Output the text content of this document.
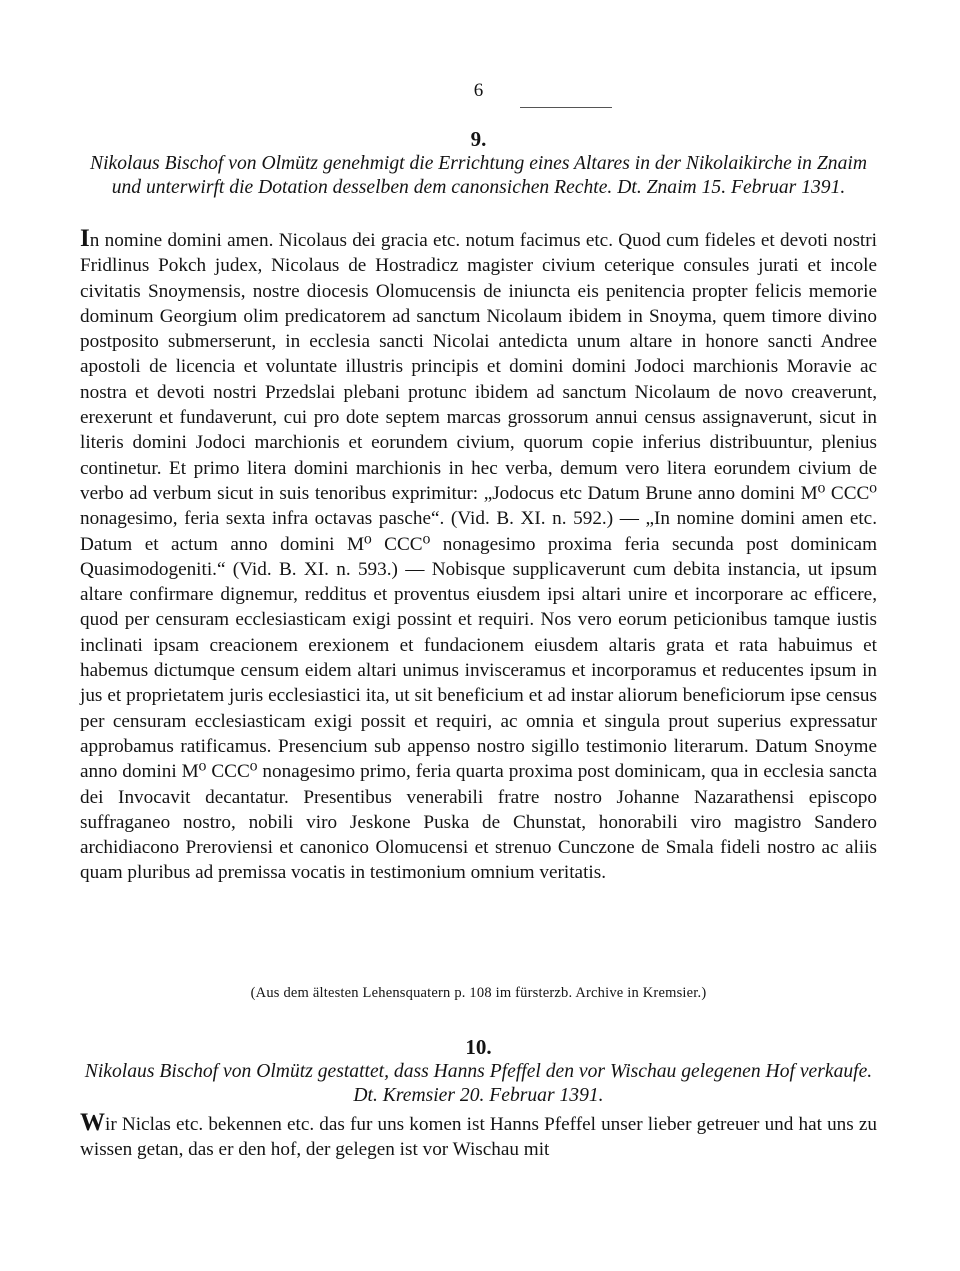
6
9.

Nikolaus Bischof von Olmütz genehmigt die Errichtung eines Altares in der Nikolaikirche in Znaim und unterwirft die Dotation desselben dem canonsichen Rechte. Dt. Znaim 15. Februar 1391.

In nomine domini amen. Nicolaus dei gracia etc. notum facimus etc. Quod cum fideles et devoti nostri Fridlinus Pokch judex, Nicolaus de Hostradicz magister civium ceterique consules jurati et incole civitatis Snoymensis, nostre diocesis Olomucensis de iniuncta eis penitencia propter felicis memorie dominum Georgium olim predicatorem ad sanctum Nicolaum ibidem in Snoyma, quem timore divino postposito submerserunt, in ecclesia sancti Nicolai antedicta unum altare in honore sancti Andree apostoli de licencia et voluntate illustris principis et domini domini Jodoci marchionis Moravie ac nostra et devoti nostri Przedslai plebani protunc ibidem ad sanctum Nicolaum de novo creaverunt, erexerunt et fundaverunt, cui pro dote septem marcas grossorum annui census assignaverunt, sicut in literis domini Jodoci marchionis et eorundem civium, quorum copie inferius distribuuntur, plenius continetur. Et primo litera domini marchionis in hec verba, demum vero litera eorundem civium de verbo ad verbum sicut in suis tenoribus exprimitur: „Jodocus etc Datum Brune anno domini M⁰ CCC⁰ nonagesimo, feria sexta infra octavas pasche“. (Vid. B. XI. n. 592.) — „In nomine domini amen etc. Datum et actum anno domini M⁰ CCC⁰ nonagesimo proxima feria secunda post dominicam Quasimodogeniti.“ (Vid. B. XI. n. 593.) — Nobisque supplicaverunt cum debita instancia, ut ipsum altare confirmare dignemur, redditus et proventus eiusdem ipsi altari unire et incorporare ac efficere, quod per censuram ecclesiasticam exigi possint et requiri. Nos vero eorum peticionibus tamque iustis inclinati ipsam creacionem erexionem et fundacionem eiusdem altaris grata et rata habuimus et habemus dictumque censum eidem altari unimus invisceramus et incorporamus et reducentes ipsum in jus et proprietatem juris ecclesiastici ita, ut sit beneficium et ad instar aliorum beneficiorum ipse census per censuram ecclesiasticam exigi possit et requiri, ac omnia et singula prout superius expressatur approbamus ratificamus. Presencium sub appenso nostro sigillo testimonio literarum. Datum Snoyme anno domini M⁰ CCC⁰ nonagesimo primo, feria quarta proxima post dominicam, qua in ecclesia sancta dei Invocavit decantatur. Presentibus venerabili fratre nostro Johanne Nazarathensi episcopo suffraganeo nostro, nobili viro Jeskone Puska de Chunstat, honorabili viro magistro Sandero archidiacono Preroviensi et canonico Olomucensi et strenuo Cunczone de Smala fideli nostro ac aliis quam pluribus ad premissa vocatis in testimonium omnium veritatis.

(Aus dem ältesten Lehensquatern p. 108 im fürsterzb. Archive in Kremsier.)
10.

Nikolaus Bischof von Olmütz gestattet, dass Hanns Pfeffel den vor Wischau gelegenen Hof verkaufe. Dt. Kremsier 20. Februar 1391.

Wir Niclas etc. bekennen etc. das fur uns komen ist Hanns Pfeffel unser lieber getreuer und hat uns zu wissen getan, das er den hof, der gelegen ist vor Wischau mit
